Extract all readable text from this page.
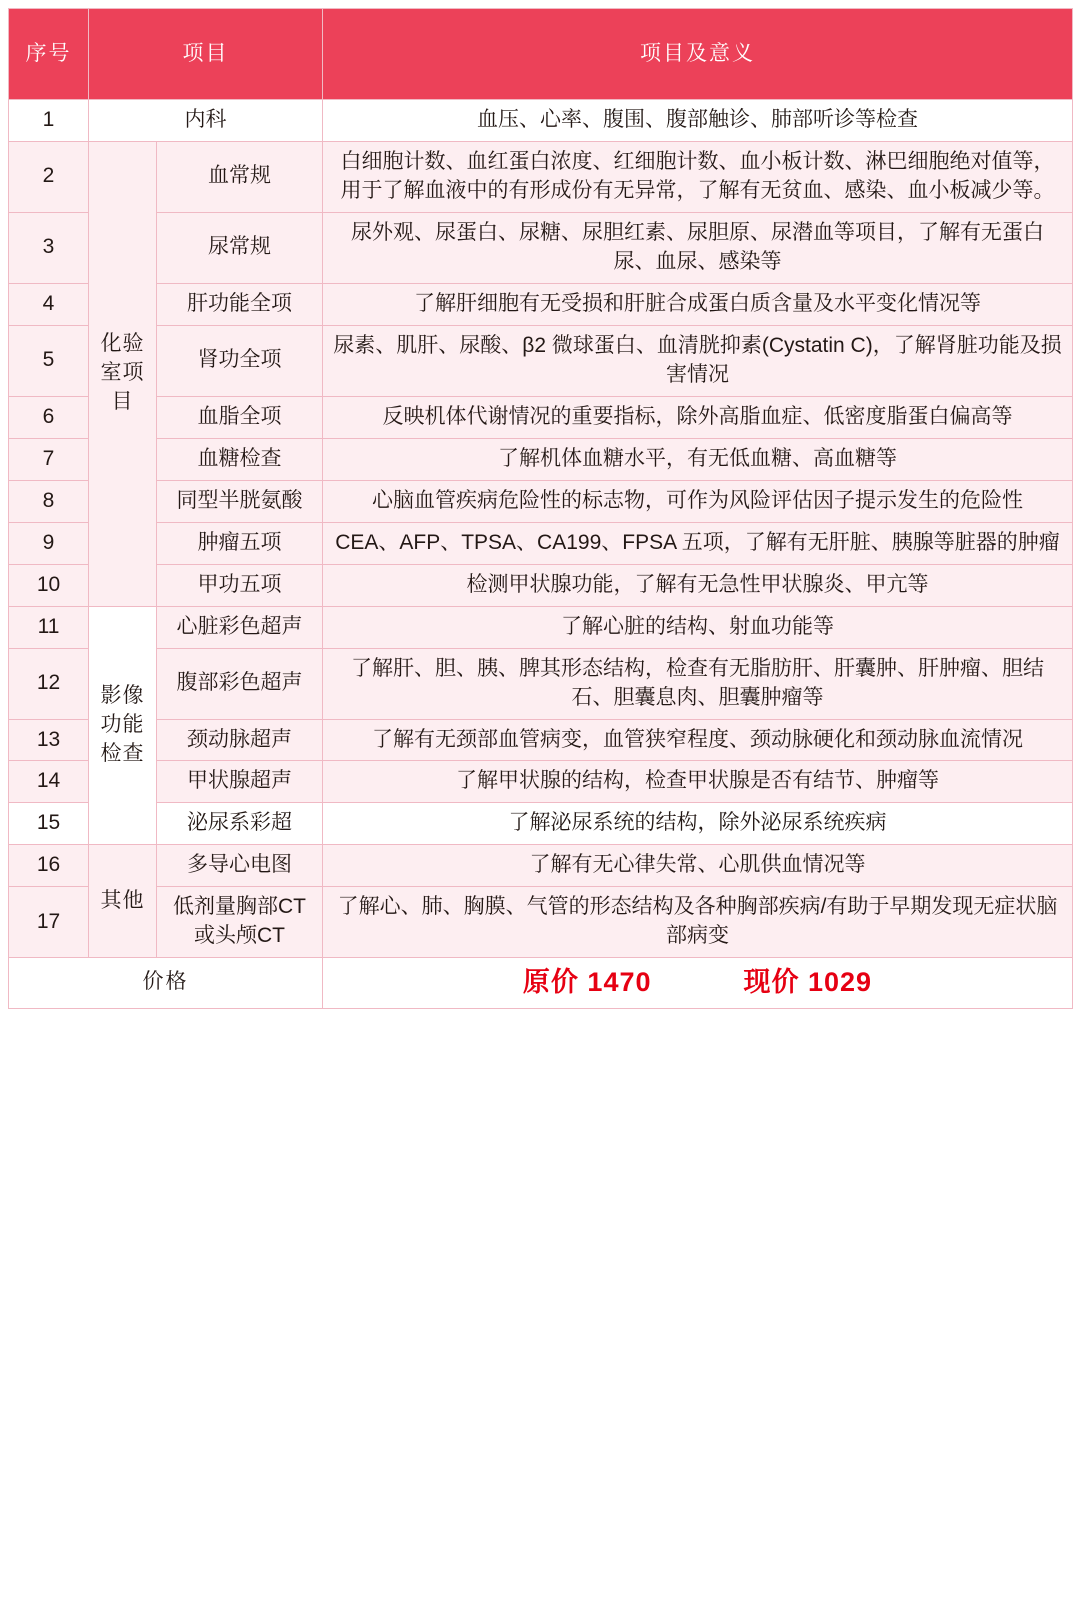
序号	项目		项目及意义
1	内科		血压、心率、腹围、腹部触诊、肺部听诊等检查
2	化验室项目	血常规	白细胞计数、血红蛋白浓度、红细胞计数、血小板计数、淋巴细胞绝对值等，用于了解血液中的有形成份有无异常，了解有无贫血、感染、血小板减少等。
3		尿常规	尿外观、尿蛋白、尿糖、尿胆红素、尿胆原、尿潜血等项目，了解有无蛋白尿、血尿、感染等
4		肝功能全项	了解肝细胞有无受损和肝脏合成蛋白质含量及水平变化情况等
5		肾功全项	尿素、肌肝、尿酸、β2 微球蛋白、血清胱抑素(Cystatin C)，了解肾脏功能及损害情况
6		血脂全项	反映机体代谢情况的重要指标，除外高脂血症、低密度脂蛋白偏高等
7		血糖检查	了解机体血糖水平，有无低血糖、高血糖等
8		同型半胱氨酸	心脑血管疾病危险性的标志物，可作为风险评估因子提示发生的危险性
9		肿瘤五项	CEA、AFP、TPSA、CA199、FPSA 五项，了解有无肝脏、胰腺等脏器的肿瘤
10		甲功五项	检测甲状腺功能，了解有无急性甲状腺炎、甲亢等
11	影像功能检查	心脏彩色超声	了解心脏的结构、射血功能等
12		腹部彩色超声	了解肝、胆、胰、脾其形态结构，检查有无脂肪肝、肝囊肿、肝肿瘤、胆结石、胆囊息肉、胆囊肿瘤等
13		颈动脉超声	了解有无颈部血管病变，血管狭窄程度、颈动脉硬化和颈动脉血流情况
14		甲状腺超声	了解甲状腺的结构，检查甲状腺是否有结节、肿瘤等
15		泌尿系彩超	了解泌尿系统的结构，除外泌尿系统疾病
16	其他	多导心电图	了解有无心律失常、心肌供血情况等
17		低剂量胸部CT 或头颅CT	了解心、肺、胸膜、气管的形态结构及各种胸部疾病/有助于早期发现无症状脑部病变
价格			原价 1470 现价 1029
